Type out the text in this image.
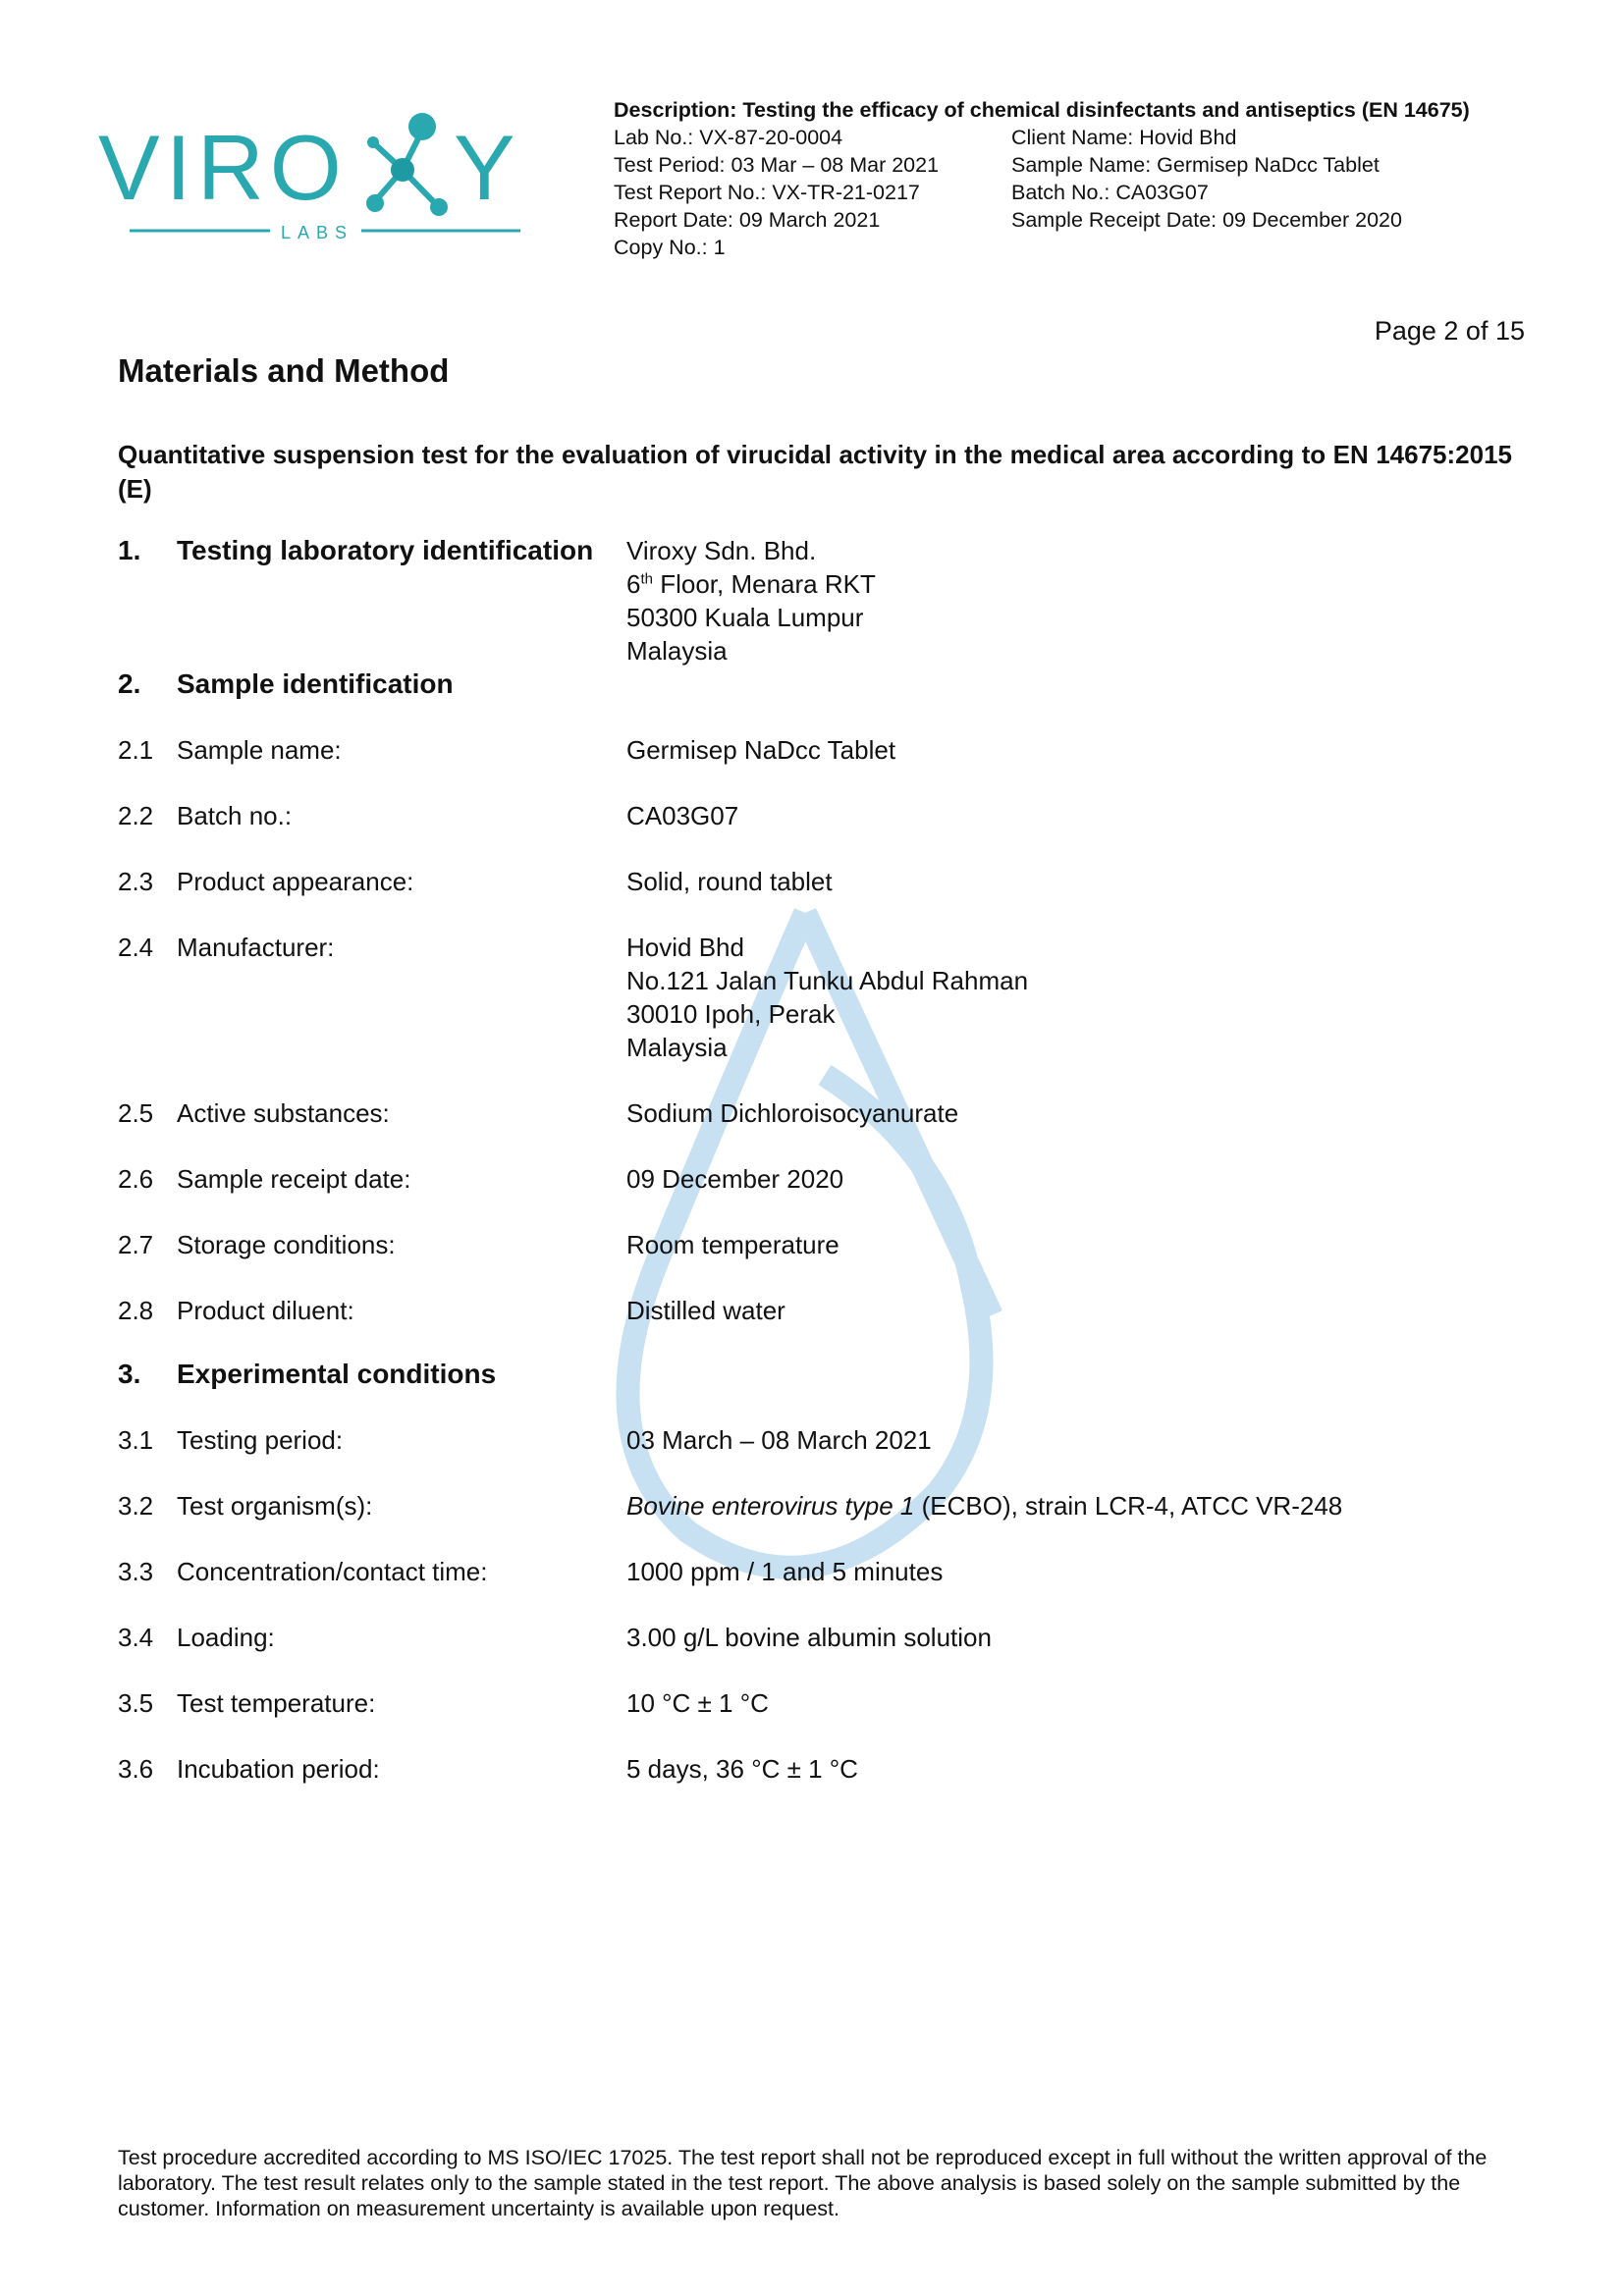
VIRO Y
LABS
Description: Testing the efficacy of chemical disinfectants and antiseptics (EN 14675)
Lab No.: VX-87-20-0004
Test Period: 03 Mar – 08 Mar 2021
Test Report No.: VX-TR-21-0217
Report Date: 09 March 2021
Copy No.: 1
Client Name: Hovid Bhd
Sample Name: Germisep NaDcc Tablet
Batch No.: CA03G07
Sample Receipt Date: 09 December 2020
Page 2 of 15
Materials and Method
Quantitative suspension test for the evaluation of virucidal activity in the medical area according to EN 14675:2015 (E)
1.	Testing laboratory identification	Viroxy Sdn. Bhd.
6th Floor, Menara RKT
50300 Kuala Lumpur
Malaysia
2.	Sample identification
2.1 Sample name:	Germisep NaDcc Tablet
2.2 Batch no.:	CA03G07
2.3 Product appearance:	Solid, round tablet
2.4 Manufacturer:	Hovid Bhd
No.121 Jalan Tunku Abdul Rahman
30010 Ipoh, Perak
Malaysia
2.5 Active substances:	Sodium Dichloroisocyanurate
2.6 Sample receipt date:	09 December 2020
2.7 Storage conditions:	Room temperature
2.8 Product diluent:	Distilled water
3.	Experimental conditions
3.1 Testing period:	03 March – 08 March 2021
3.2 Test organism(s):	Bovine enterovirus type 1 (ECBO), strain LCR-4, ATCC VR-248
3.3 Concentration/contact time:	1000 ppm / 1 and 5 minutes
3.4 Loading:	3.00 g/L bovine albumin solution
3.5 Test temperature:	10 °C ± 1 °C
3.6 Incubation period:	5 days, 36 °C ± 1 °C
Test procedure accredited according to MS ISO/IEC 17025. The test report shall not be reproduced except in full without the written approval of the laboratory. The test result relates only to the sample stated in the test report. The above analysis is based solely on the sample submitted by the customer. Information on measurement uncertainty is available upon request.
